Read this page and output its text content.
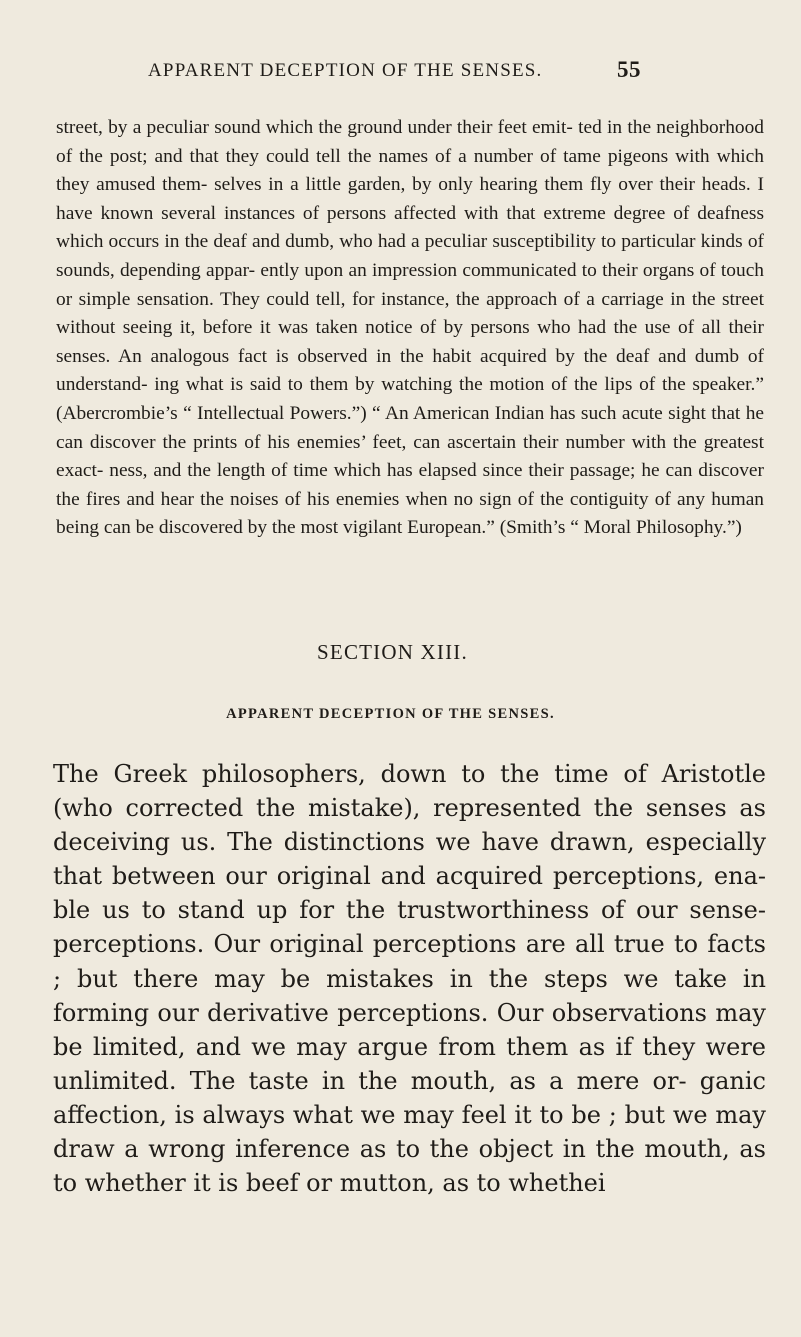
APPARENT DECEPTION OF THE SENSES.	55

street, by a peculiar sound which the ground under their feet emit- ted in the neighborhood of the post; and that they could tell the names of a number of tame pigeons with which they amused them- selves in a little garden, by only hearing them fly over their heads. I have known several instances of persons affected with that extreme degree of deafness which occurs in the deaf and dumb, who had a peculiar susceptibility to particular kinds of sounds, depending appar- ently upon an impression communicated to their organs of touch or simple sensation. They could tell, for instance, the approach of a carriage in the street without seeing it, before it was taken notice of by persons who had the use of all their senses. An analogous fact is observed in the habit acquired by the deaf and dumb of understand- ing what is said to them by watching the motion of the lips of the speaker.” (Abercrombie’s “ Intellectual Powers.”) “ An American Indian has such acute sight that he can discover the prints of his enemies’ feet, can ascertain their number with the greatest exact- ness, and the length of time which has elapsed since their passage; he can discover the fires and hear the noises of his enemies when no sign of the contiguity of any human being can be discovered by the most vigilant European.” (Smith’s “ Moral Philosophy.”)

SECTION XIII.
APPARENT DECEPTION OF THE SENSES.

The Greek philosophers, down to the time of Aristotle (who corrected the mistake), represented the senses as deceiving us. The distinctions we have drawn, especially that between our original and acquired perceptions, ena- ble us to stand up for the trustworthiness of our sense- perceptions. Our original perceptions are all true to facts ; but there may be mistakes in the steps we take in forming our derivative perceptions. Our observations may be limited, and we may argue from them as if they were unlimited. The taste in the mouth, as a mere or- ganic affection, is always what we may feel it to be ; but we may draw a wrong inference as to the object in the mouth, as to whether it is beef or mutton, as to whethei
